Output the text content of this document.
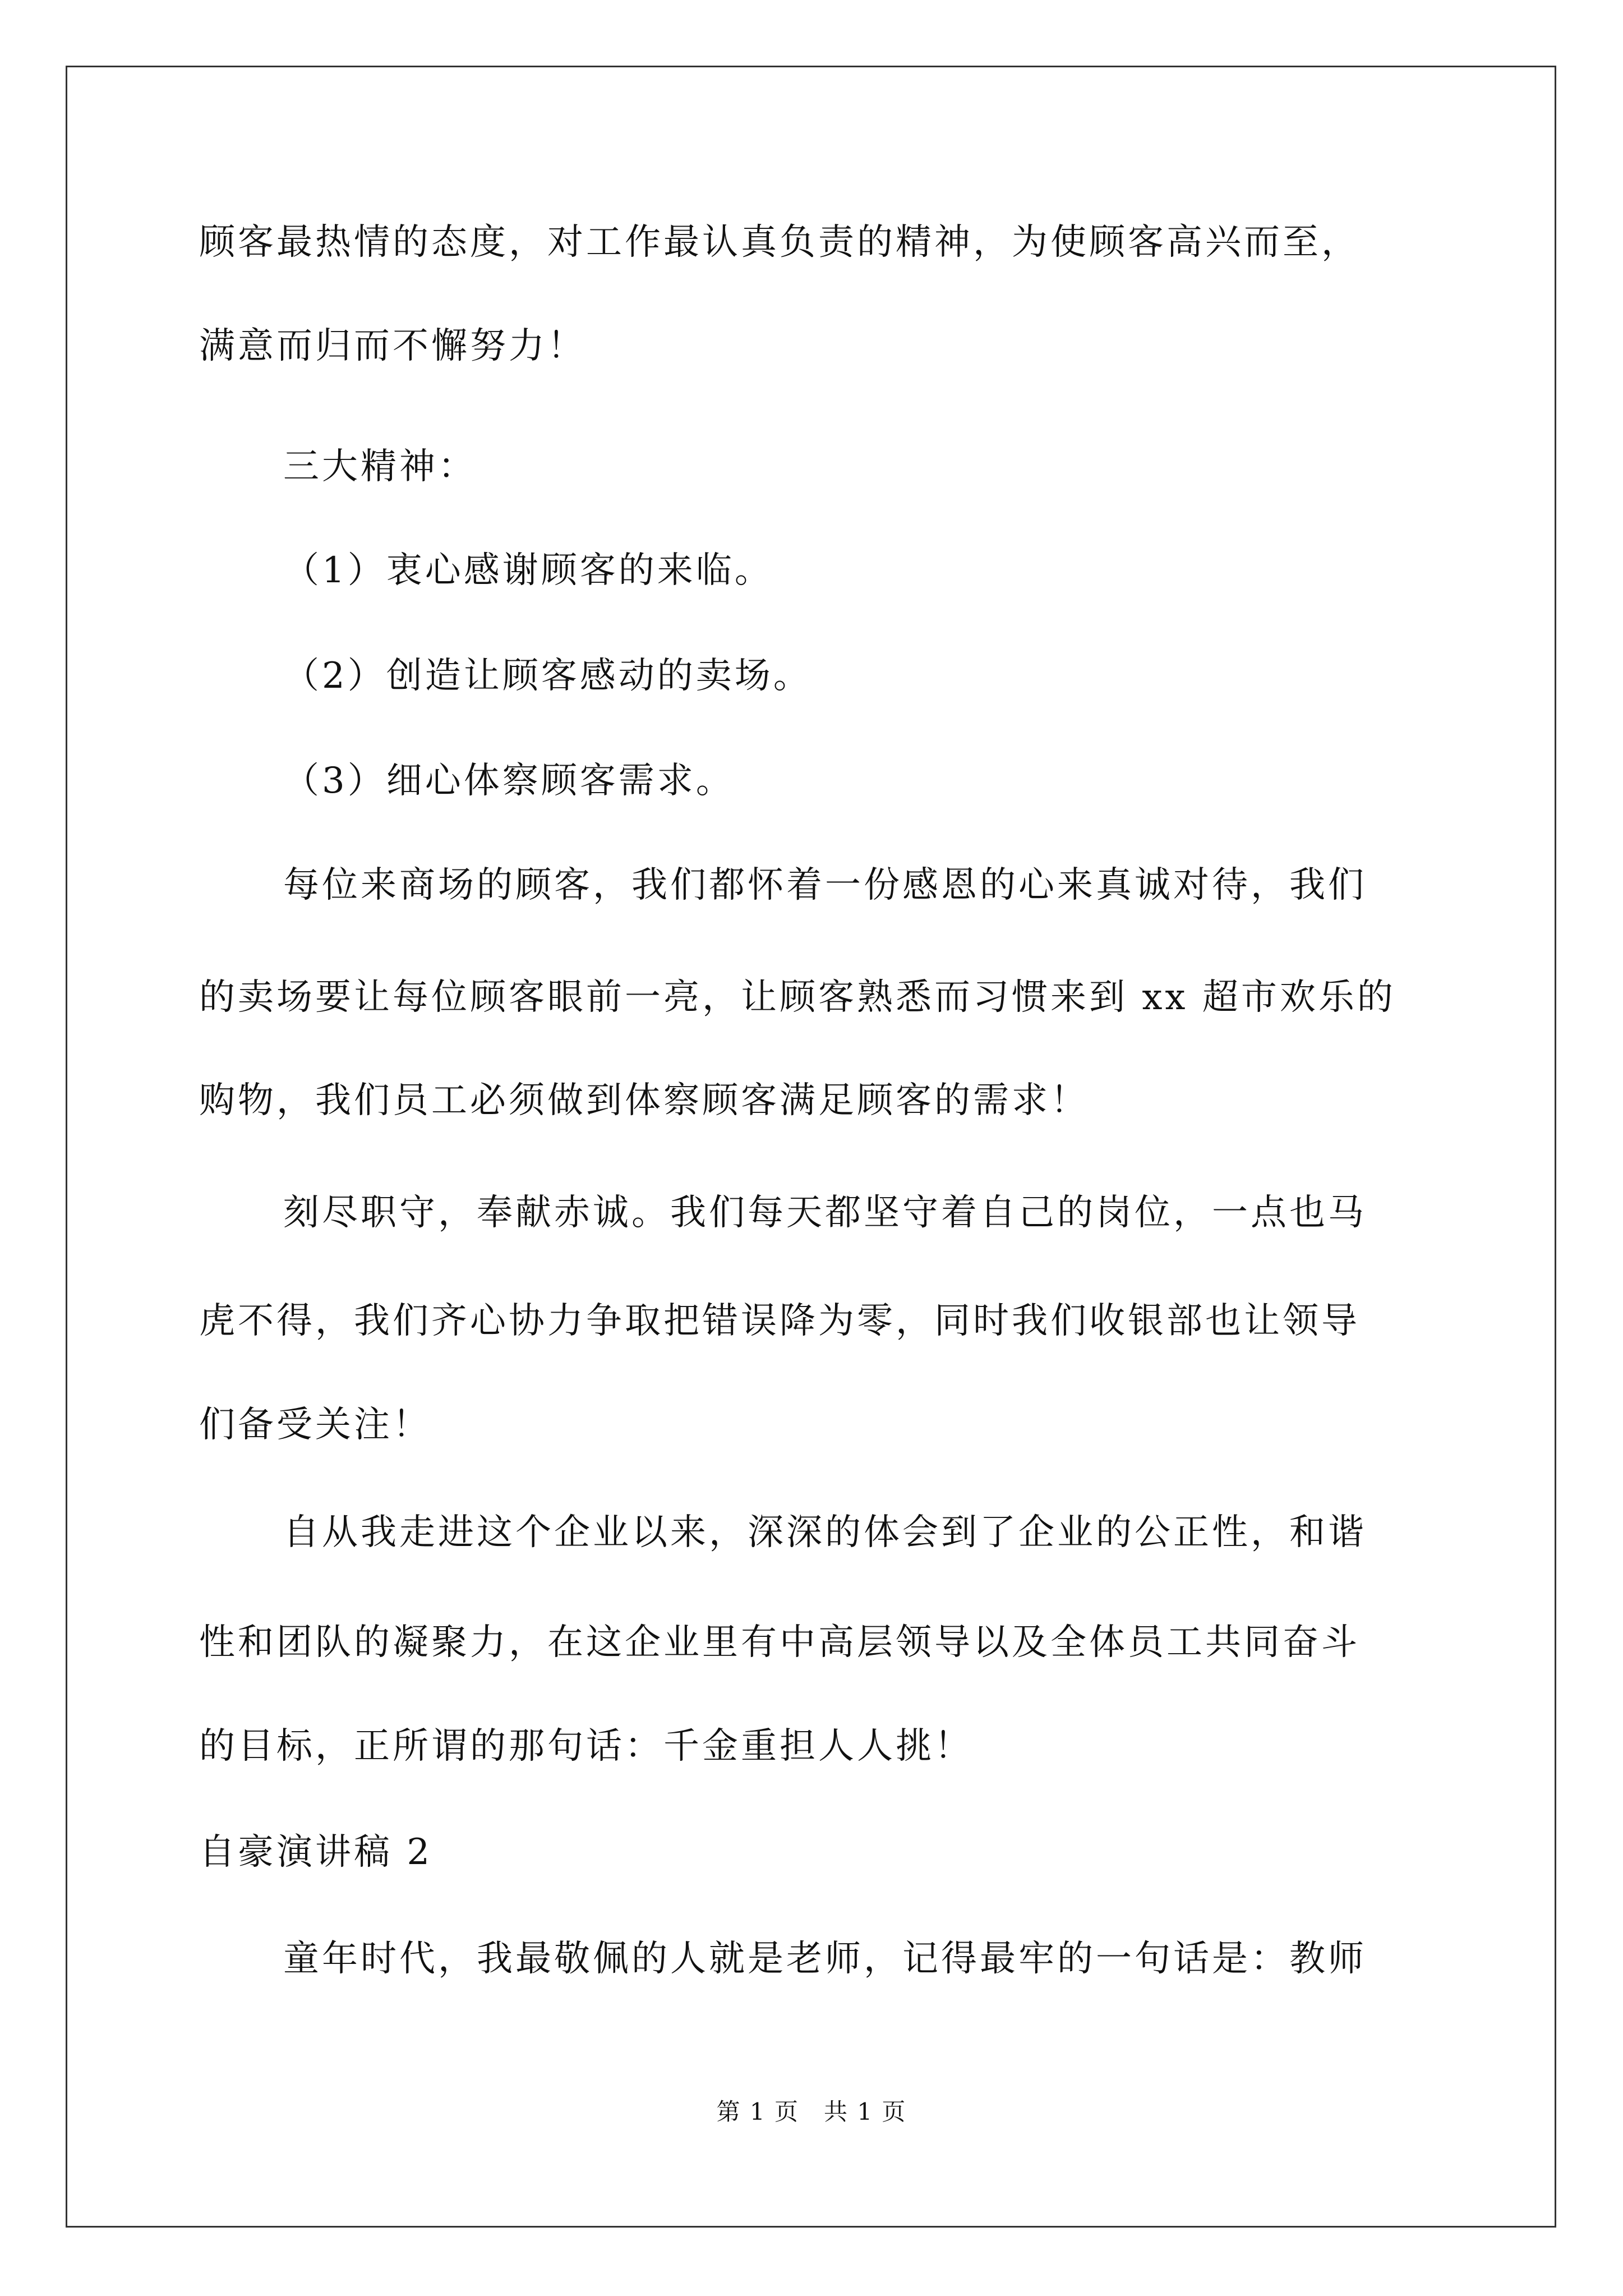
顾客最热情的态度，对工作最认真负责的精神，为使顾客高兴而至，
满意而归而不懈努力！
三大精神：
（1）衷心感谢顾客的来临。
（2）创造让顾客感动的卖场。
（3）细心体察顾客需求。
每位来商场的顾客，我们都怀着一份感恩的心来真诚对待，我们
的卖场要让每位顾客眼前一亮，让顾客熟悉而习惯来到 xx 超市欢乐的
购物，我们员工必须做到体察顾客满足顾客的需求！
刻尽职守，奉献赤诚。我们每天都坚守着自己的岗位，一点也马
虎不得，我们齐心协力争取把错误降为零，同时我们收银部也让领导
们备受关注！
自从我走进这个企业以来，深深的体会到了企业的公正性，和谐
性和团队的凝聚力，在这企业里有中高层领导以及全体员工共同奋斗
的目标，正所谓的那句话：千金重担人人挑！
自豪演讲稿 2
童年时代，我最敬佩的人就是老师，记得最牢的一句话是：教师
第 1 页　共 1 页
